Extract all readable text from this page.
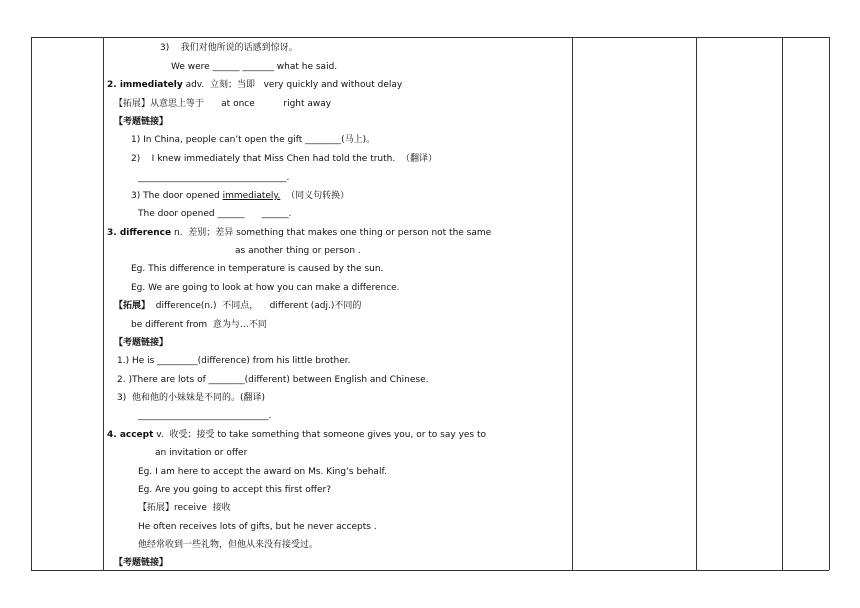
3)    我们对他所说的话感到惊讶。
We were ______ _______ what he said.
2. immediately adv.  立刻；当即   very quickly and without delay
【拓展】从意思上等于      at once          right away
【考题链接】
1) In China, people can’t open the gift ________(马上)。
2)    I knew immediately that Miss Chen had told the truth.  （翻译）
_________________________________.
3) The door opened immediately.  （同义句转换）
The door opened ______      ______.
3. difference n.  差别；差异 something that makes one thing or person not the same
as another thing or person .
Eg. This difference in temperature is caused by the sun.
Eg. We are going to look at how you can make a difference.
【拓展】  difference(n.)  不同点，    different (adj.)不同的
be different from  意为与…不同
【考题链接】
1.) He is _________(difference) from his little brother.
2. )There are lots of ________(different) between English and Chinese.
3)  他和他的小妹妹是不同的。(翻译)
_____________________________.
4. accept v.  收受；接受 to take something that someone gives you, or to say yes to
an invitation or offer
Eg. I am here to accept the award on Ms. King’s behalf.
Eg. Are you going to accept this first offer?
【拓展】receive  接收
He often receives lots of gifts, but he never accepts .
他经常收到一些礼物，但他从来没有接受过。
【考题链接】
